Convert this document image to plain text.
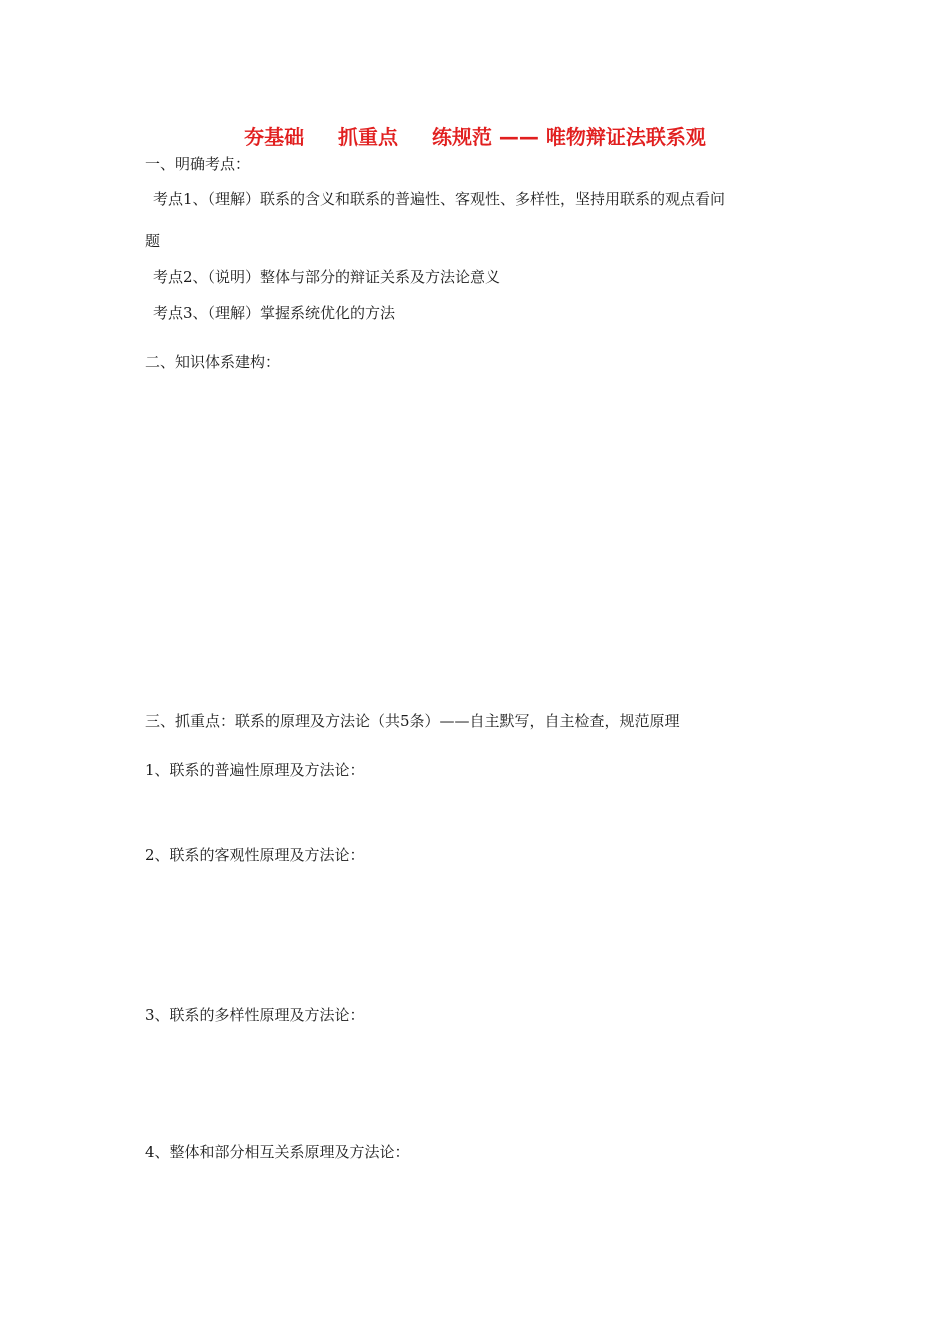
夯基础　  抓重点　  练规范 —— 唯物辩证法联系观
一、明确考点：
考点1、（理解）联系的含义和联系的普遍性、客观性、多样性，坚持用联系的观点看问
题
考点2、（说明）整体与部分的辩证关系及方法论意义
考点3、（理解）掌握系统优化的方法
二、知识体系建构：
三、抓重点：联系的原理及方法论（共5条）——自主默写，自主检查，规范原理
1、联系的普遍性原理及方法论：
2、联系的客观性原理及方法论：
3、联系的多样性原理及方法论：
4、整体和部分相互关系原理及方法论：
